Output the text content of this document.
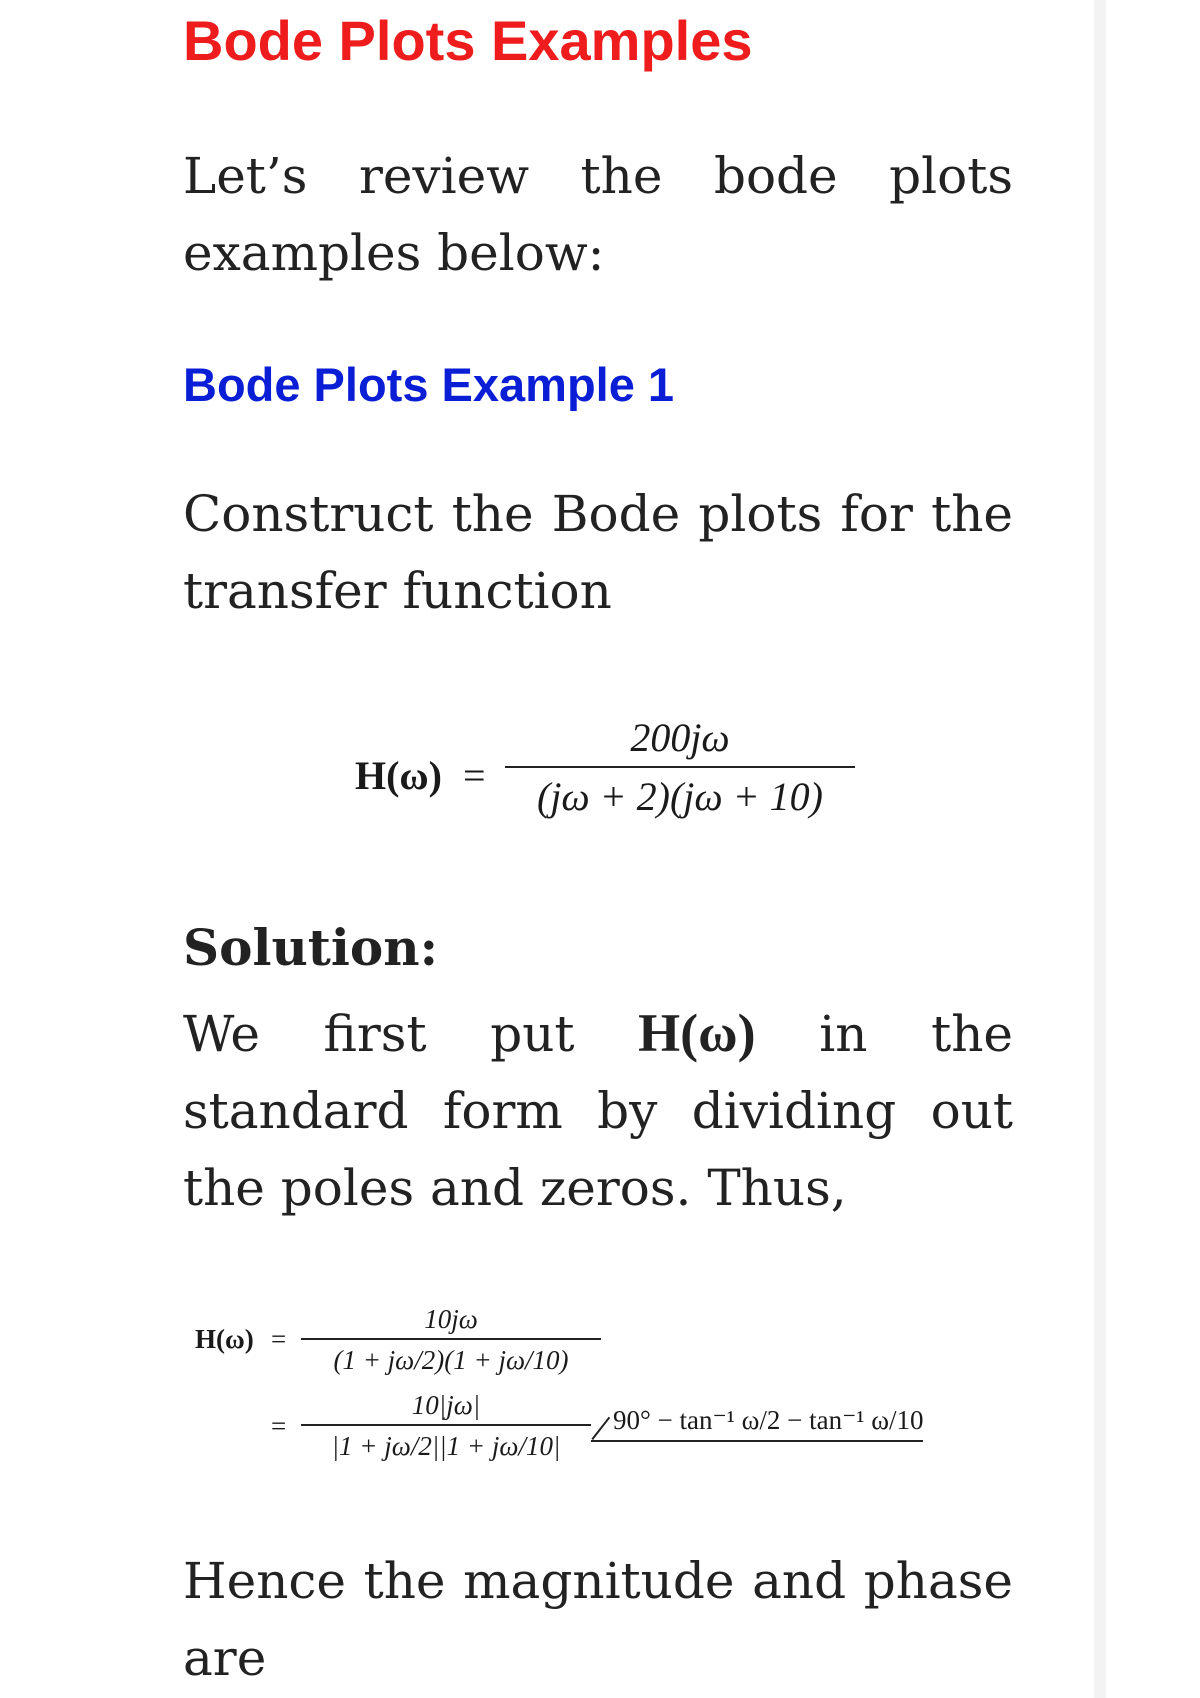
Bode Plots Examples

Let’s review the bode plots examples below:

Bode Plots Example 1

Construct the Bode plots for the transfer function

H(ω) =
200jω
(jω + 2)(jω + 10)
Solution:

We first put H(ω) in the standard form by dividing out the poles and zeros. Thus,

H(ω) =
10jω
(1 + jω/2)(1 + jω/10)
=
10|jω|
|1 + jω/2||1 + jω/10|
90° − tan⁻¹ ω/2 − tan⁻¹ ω/10

Hence the magnitude and phase are
